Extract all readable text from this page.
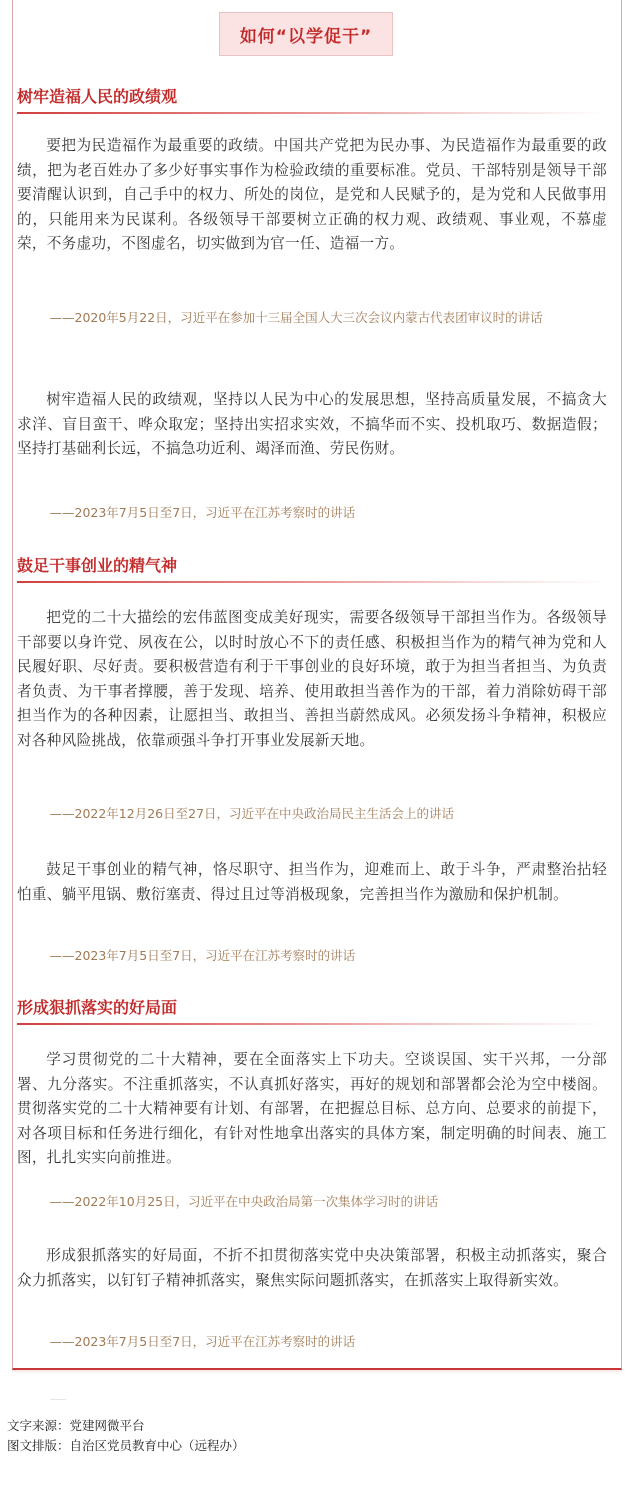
如何“以学促干”
树牢造福人民的政绩观
要把为民造福作为最重要的政绩。中国共产党把为民办事、为民造福作为最重要的政绩，把为老百姓办了多少好事实事作为检验政绩的重要标准。党员、干部特别是领导干部要清醒认识到，自己手中的权力、所处的岗位，是党和人民赋予的，是为党和人民做事用的，只能用来为民谋利。各级领导干部要树立正确的权力观、政绩观、事业观，不慕虚荣，不务虚功，不图虚名，切实做到为官一任、造福一方。
——2020年5月22日，习近平在参加十三届全国人大三次会议内蒙古代表团审议时的讲话
树牢造福人民的政绩观，坚持以人民为中心的发展思想，坚持高质量发展，不搞贪大求洋、盲目蛮干、哗众取宠；坚持出实招求实效，不搞华而不实、投机取巧、数据造假；坚持打基础利长远，不搞急功近利、竭泽而渔、劳民伤财。
——2023年7月5日至7日，习近平在江苏考察时的讲话
鼓足干事创业的精气神
把党的二十大描绘的宏伟蓝图变成美好现实，需要各级领导干部担当作为。各级领导干部要以身许党、夙夜在公，以时时放心不下的责任感、积极担当作为的精气神为党和人民履好职、尽好责。要积极营造有利于干事创业的良好环境，敢于为担当者担当、为负责者负责、为干事者撑腰，善于发现、培养、使用敢担当善作为的干部，着力消除妨碍干部担当作为的各种因素，让愿担当、敢担当、善担当蔚然成风。必须发扬斗争精神，积极应对各种风险挑战，依靠顽强斗争打开事业发展新天地。
——2022年12月26日至27日，习近平在中央政治局民主生活会上的讲话
鼓足干事创业的精气神，恪尽职守、担当作为，迎难而上、敢于斗争，严肃整治拈轻怕重、躺平甩锅、敷衍塞责、得过且过等消极现象，完善担当作为激励和保护机制。
——2023年7月5日至7日，习近平在江苏考察时的讲话
形成狠抓落实的好局面
学习贯彻党的二十大精神，要在全面落实上下功夫。空谈误国、实干兴邦，一分部署、九分落实。不注重抓落实，不认真抓好落实，再好的规划和部署都会沦为空中楼阁。贯彻落实党的二十大精神要有计划、有部署，在把握总目标、总方向、总要求的前提下，对各项目标和任务进行细化，有针对性地拿出落实的具体方案，制定明确的时间表、施工图，扎扎实实向前推进。
——2022年10月25日，习近平在中央政治局第一次集体学习时的讲话
形成狠抓落实的好局面，不折不扣贯彻落实党中央决策部署，积极主动抓落实，聚合众力抓落实，以钉钉子精神抓落实，聚焦实际问题抓落实，在抓落实上取得新实效。
——2023年7月5日至7日，习近平在江苏考察时的讲话
文字来源：党建网微平台
图文排版：自治区党员教育中心（远程办）
